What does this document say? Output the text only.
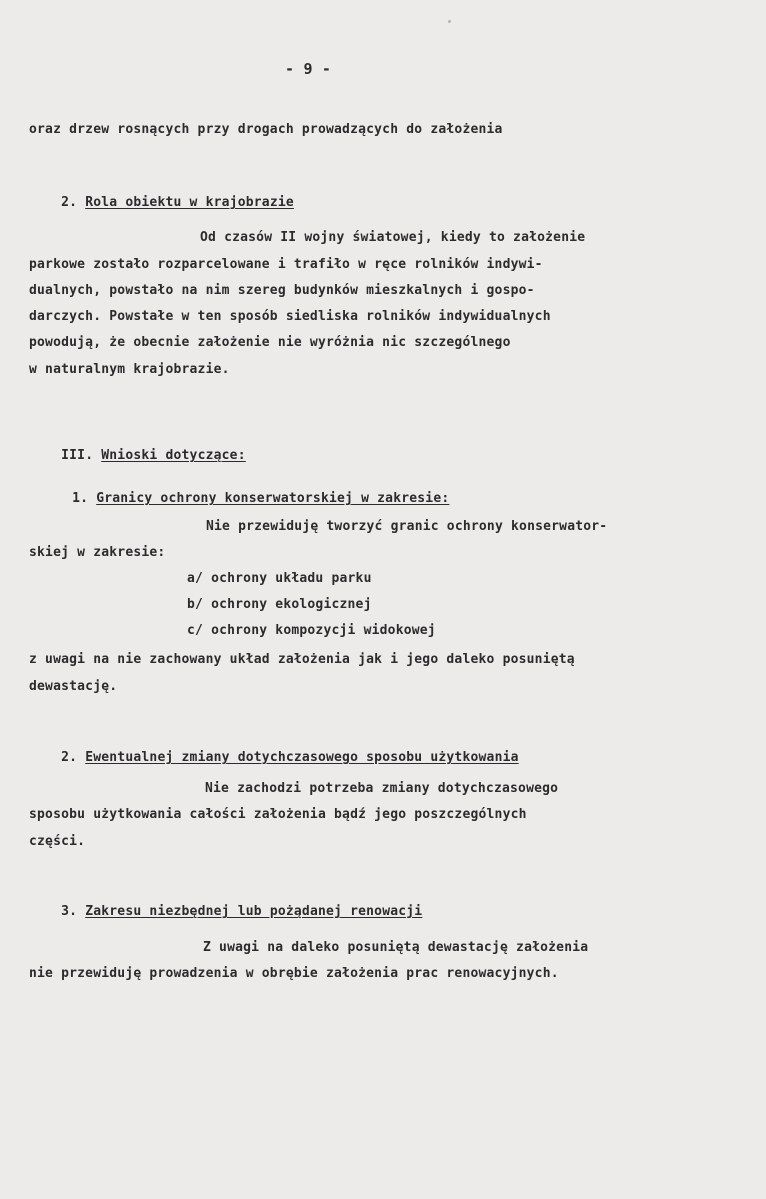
- 9 -
oraz drzew rosnących przy drogach prowadzących do założenia

2. Rola obiektu w krajobrazie

Od czasów II wojny światowej, kiedy to założenie
parkowe zostało rozparcelowane i trafiło w ręce rolników indywi-
dualnych, powstało na nim szereg budynków mieszkalnych i gospo-
darczych. Powstałe w ten sposób siedliska rolników indywidualnych
powodują, że obecnie założenie nie wyróżnia nic szczególnego
w naturalnym krajobrazie.

III. Wnioski dotyczące:

1. Granicy ochrony konserwatorskiej w zakresie:

Nie przewiduję tworzyć granic ochrony konserwator-
skiej w zakresie:
a/ ochrony układu parku
b/ ochrony ekologicznej
c/ ochrony kompozycji widokowej
z uwagi na nie zachowany układ założenia jak i jego daleko posuniętą
dewastację.

2. Ewentualnej zmiany dotychczasowego sposobu użytkowania

Nie zachodzi potrzeba zmiany dotychczasowego
sposobu użytkowania całości założenia bądź jego poszczególnych
części.

3. Zakresu niezbędnej lub pożądanej renowacji

Z uwagi na daleko posuniętą dewastację założenia
nie przewiduję prowadzenia w obrębie założenia prac renowacyjnych.
